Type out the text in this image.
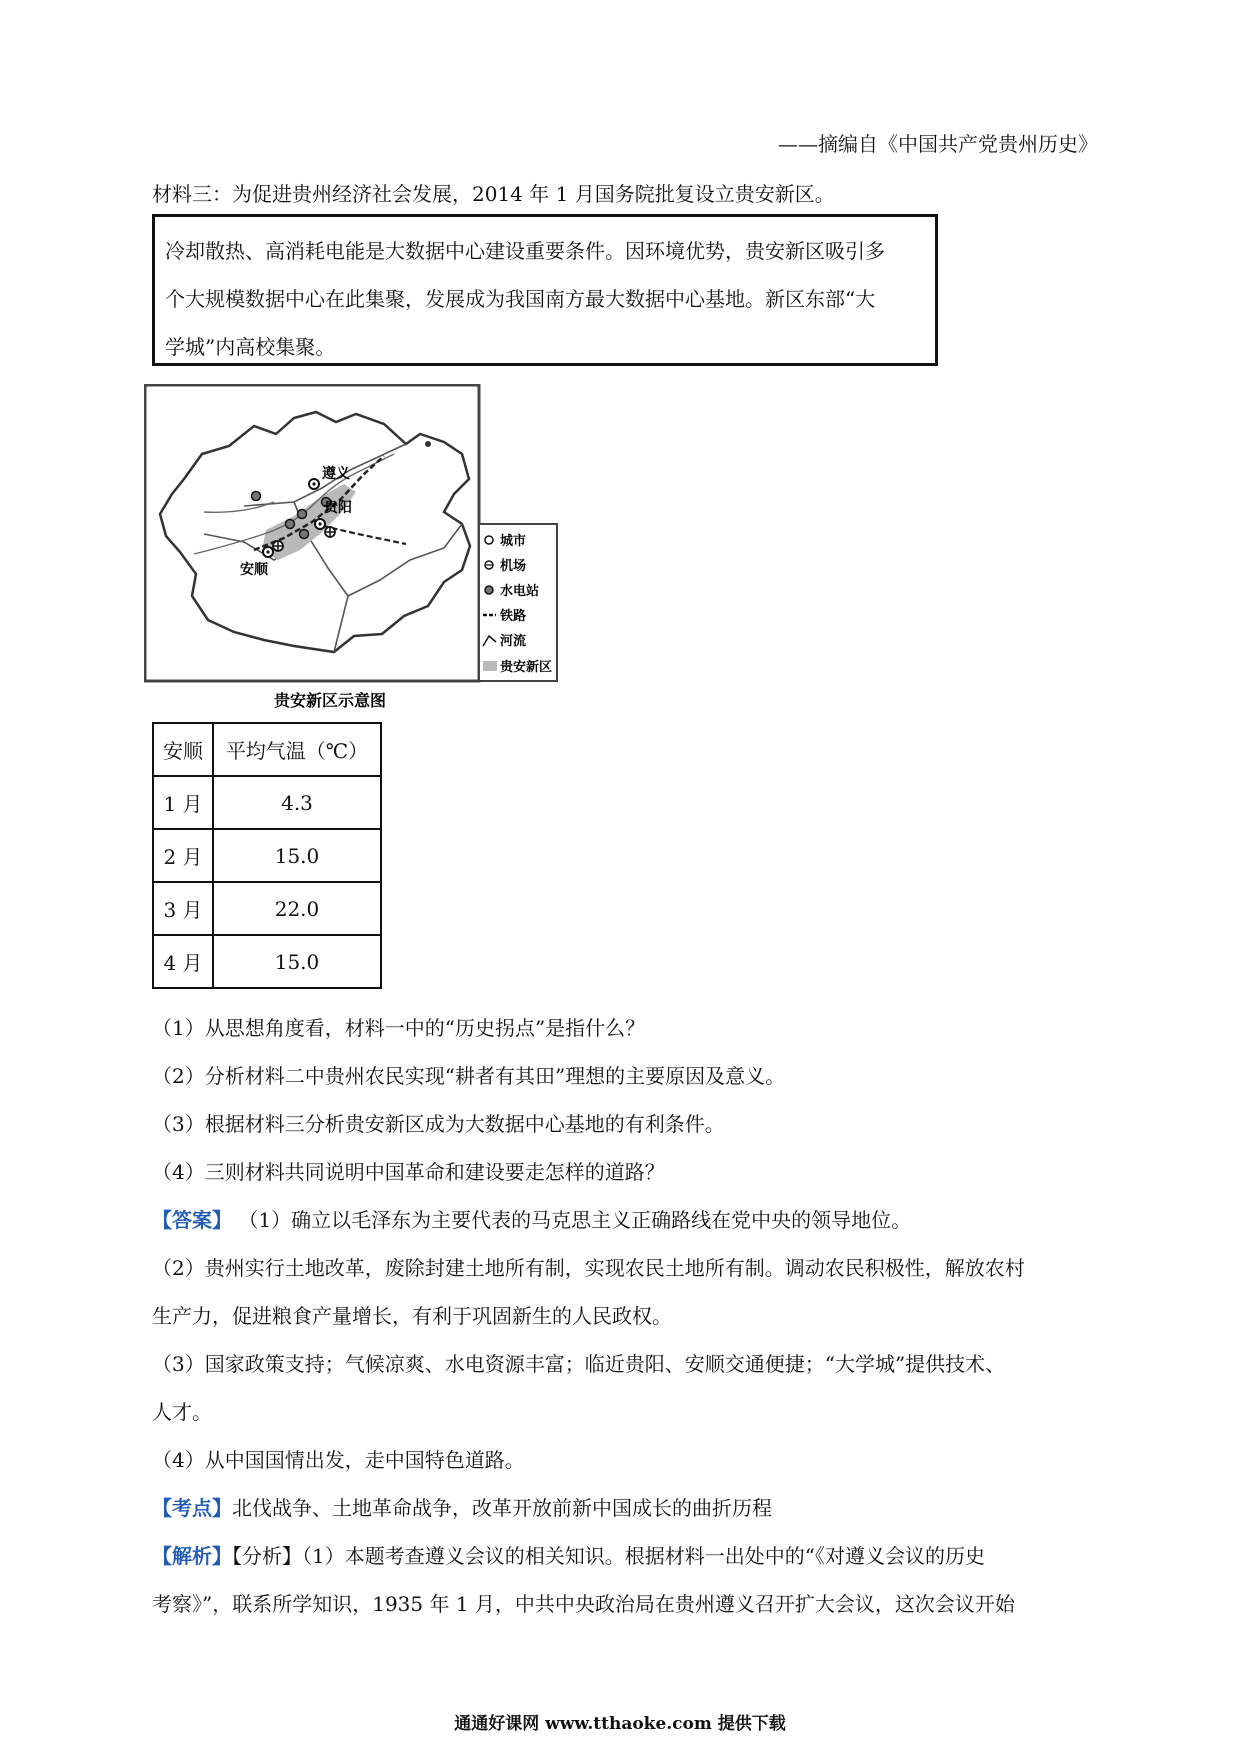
——摘编自《中国共产党贵州历史》
材料三：为促进贵州经济社会发展，2014 年 1 月国务院批复设立贵安新区。

冷却散热、高消耗电能是大数据中心建设重要条件。因环境优势，贵安新区吸引多

个大规模数据中心在此集聚，发展成为我国南方最大数据中心基地。新区东部“大

学城”内高校集聚。

遵义
贵阳
安顺
城市
机场
水电站
铁路
河流
贵安新区
贵安新区示意图
安顺	平均气温（℃）
1 月	4.3
2 月	15.0
3 月	22.0
4 月	15.0
（1）从思想角度看，材料一中的“历史拐点”是指什么？
（2）分析材料二中贵州农民实现“耕者有其田”理想的主要原因及意义。
（3）根据材料三分析贵安新区成为大数据中心基地的有利条件。
（4）三则材料共同说明中国革命和建设要走怎样的道路？
【答案】 （1）确立以毛泽东为主要代表的马克思主义正确路线在党中央的领导地位。
（2）贵州实行土地改革，废除封建土地所有制，实现农民土地所有制。调动农民积极性，解放农村
生产力，促进粮食产量增长，有利于巩固新生的人民政权。
（3）国家政策支持；气候凉爽、水电资源丰富；临近贵阳、安顺交通便捷；“大学城”提供技术、
人才。
（4）从中国国情出发，走中国特色道路。
【考点】北伐战争、土地革命战争，改革开放前新中国成长的曲折历程
【解析】【分析】（1）本题考查遵义会议的相关知识。根据材料一出处中的“《对遵义会议的历史
考察》”，联系所学知识，1935 年 1 月，中共中央政治局在贵州遵义召开扩大会议，这次会议开始
通通好课网 www.tthaoke.com 提供下载
